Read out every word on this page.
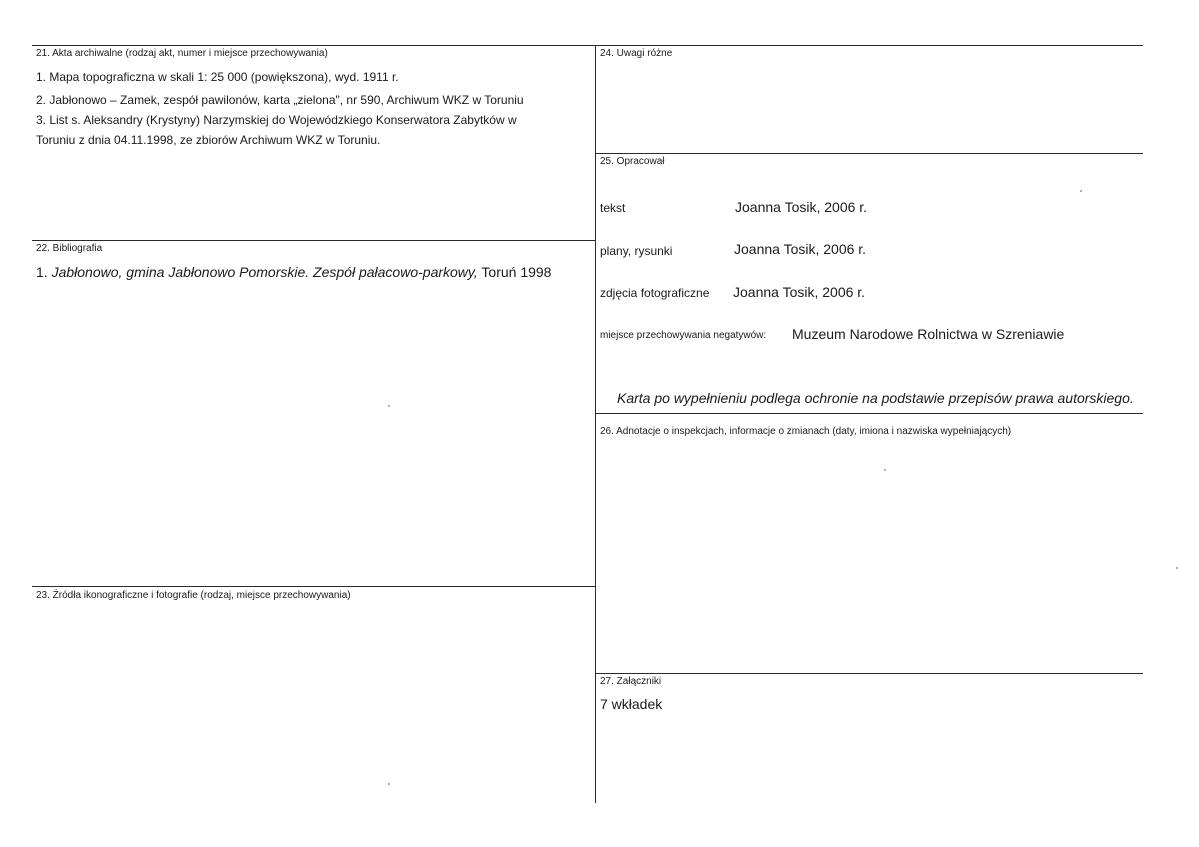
21. Akta archiwalne (rodzaj akt, numer i miejsce przechowywania)
1. Mapa topograficzna w skali 1: 25 000 (powiększona), wyd. 1911 r.
2. Jabłonowo – Zamek, zespół pawilonów, karta „zielona", nr 590, Archiwum WKZ w Toruniu
3. List s. Aleksandry (Krystyny) Narzymskiej do Wojewódzkiego Konserwatora Zabytków w
Toruniu z dnia 04.11.1998, ze zbiorów Archiwum WKZ w Toruniu.
22. Bibliografia
1. Jabłonowo, gmina Jabłonowo Pomorskie. Zespół pałacowo-parkowy, Toruń 1998
23. Źródła ikonograficzne i fotografie (rodzaj, miejsce przechowywania)
24. Uwagi różne
25. Opracował
tekst	Joanna Tosik, 2006 r.
plany, rysunki	Joanna Tosik, 2006 r.
zdjęcia fotograficzne Joanna Tosik, 2006 r.
miejsce przechowywania negatywów: Muzeum Narodowe Rolnictwa w Szreniawie
Karta po wypełnieniu podlega ochronie na podstawie przepisów prawa autorskiego.
26. Adnotacje o inspekcjach, informacje o zmianach (daty, imiona i nazwiska wypełniających)
27. Załączniki
7 wkładek
